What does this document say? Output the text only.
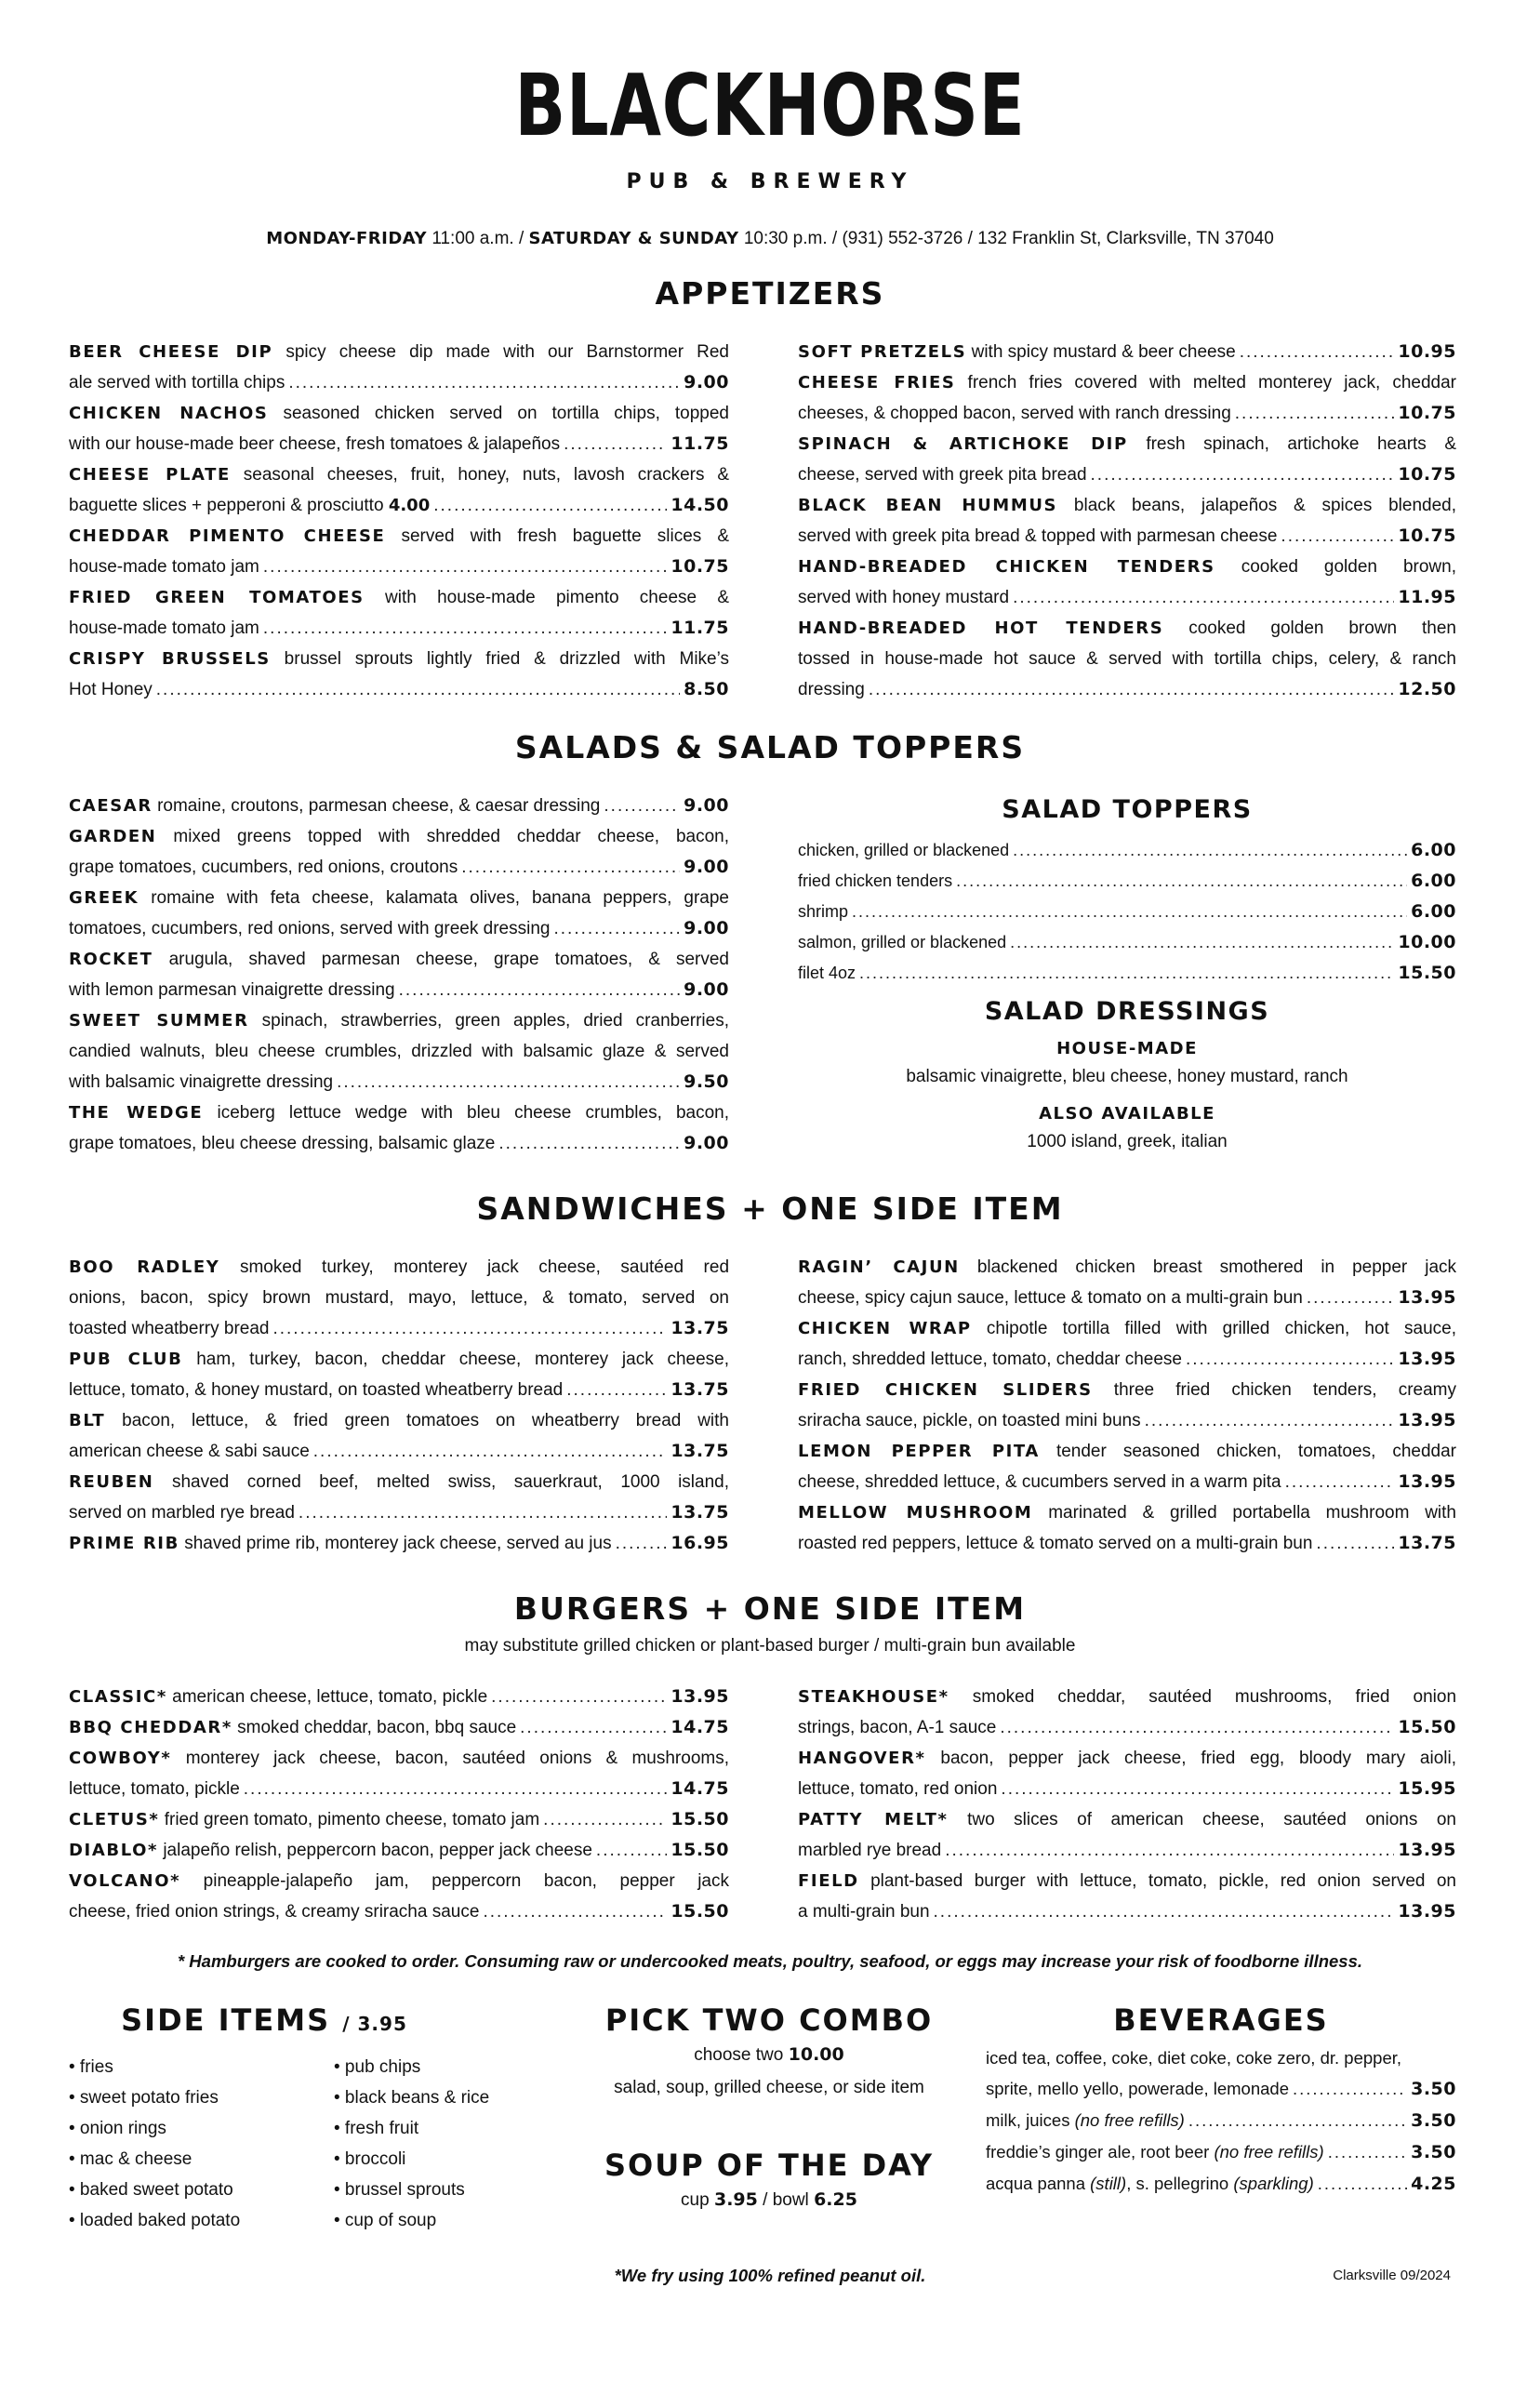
BLACKHORSE
PUB & BREWERY
MONDAY-FRIDAY 11:00 a.m. / SATURDAY & SUNDAY 10:30 p.m. / (931) 552-3726 / 132 Franklin St, Clarksville, TN 37040
APPETIZERS
BEER CHEESE DIP spicy cheese dip made with our Barnstormer Red
ale served with tortilla chips .....	9.00
CHICKEN NACHOS seasoned chicken served on tortilla chips, topped
with our house-made beer cheese, fresh tomatoes & jalapeños .....	11.75
CHEESE PLATE seasonal cheeses, fruit, honey, nuts, lavosh crackers &
baguette slices + pepperoni & prosciutto 4.00 .....	14.50
CHEDDAR PIMENTO CHEESE served with fresh baguette slices &
house-made tomato jam .....	10.75
FRIED GREEN TOMATOES with house-made pimento cheese &
house-made tomato jam .....	11.75
CRISPY BRUSSELS brussel sprouts lightly fried & drizzled with Mike’s
Hot Honey .....	8.50
SOFT PRETZELS with spicy mustard & beer cheese .....	10.95
CHEESE FRIES french fries covered with melted monterey jack, cheddar
cheeses, & chopped bacon, served with ranch dressing .....	10.75
SPINACH & ARTICHOKE DIP fresh spinach, artichoke hearts &
cheese, served with greek pita bread .....	10.75
BLACK BEAN HUMMUS black beans, jalapeños & spices blended,
served with greek pita bread & topped with parmesan cheese .....	10.75
HAND-BREADED CHICKEN TENDERS cooked golden brown,
served with honey mustard .....	11.95
HAND-BREADED HOT TENDERS cooked golden brown then
tossed in house-made hot sauce & served with tortilla chips, celery, & ranch
dressing .....	12.50
SALADS & SALAD TOPPERS
CAESAR romaine, croutons, parmesan cheese, & caesar dressing .....	9.00
GARDEN mixed greens topped with shredded cheddar cheese, bacon,
grape tomatoes, cucumbers, red onions, croutons .....	9.00
GREEK romaine with feta cheese, kalamata olives, banana peppers, grape
tomatoes, cucumbers, red onions, served with greek dressing .....	9.00
ROCKET arugula, shaved parmesan cheese, grape tomatoes, & served
with lemon parmesan vinaigrette dressing .....	9.00
SWEET SUMMER spinach, strawberries, green apples, dried cranberries,
candied walnuts, bleu cheese crumbles, drizzled with balsamic glaze & served
with balsamic vinaigrette dressing .....	9.50
THE WEDGE iceberg lettuce wedge with bleu cheese crumbles, bacon,
grape tomatoes, bleu cheese dressing, balsamic glaze .....	9.00
SALAD TOPPERS
chicken, grilled or blackened .....	6.00
fried chicken tenders .....	6.00
shrimp .....	6.00
salmon, grilled or blackened .....	10.00
filet 4oz .....	15.50
SALAD DRESSINGS
HOUSE-MADE
balsamic vinaigrette, bleu cheese, honey mustard, ranch
ALSO AVAILABLE
1000 island, greek, italian
SANDWICHES + ONE SIDE ITEM
BOO RADLEY smoked turkey, monterey jack cheese, sautéed red
onions, bacon, spicy brown mustard, mayo, lettuce, & tomato, served on
toasted wheatberry bread .....	13.75
PUB CLUB ham, turkey, bacon, cheddar cheese, monterey jack cheese,
lettuce, tomato, & honey mustard, on toasted wheatberry bread .....	13.75
BLT bacon, lettuce, & fried green tomatoes on wheatberry bread with
american cheese & sabi sauce .....	13.75
REUBEN shaved corned beef, melted swiss, sauerkraut, 1000 island,
served on marbled rye bread .....	13.75
PRIME RIB shaved prime rib, monterey jack cheese, served au jus .....	16.95
RAGIN’ CAJUN blackened chicken breast smothered in pepper jack
cheese, spicy cajun sauce, lettuce & tomato on a multi-grain bun .....	13.95
CHICKEN WRAP chipotle tortilla filled with grilled chicken, hot sauce,
ranch, shredded lettuce, tomato, cheddar cheese .....	13.95
FRIED CHICKEN SLIDERS three fried chicken tenders, creamy
sriracha sauce, pickle, on toasted mini buns .....	13.95
LEMON PEPPER PITA tender seasoned chicken, tomatoes, cheddar
cheese, shredded lettuce, & cucumbers served in a warm pita .....	13.95
MELLOW MUSHROOM marinated & grilled portabella mushroom with
roasted red peppers, lettuce & tomato served on a multi-grain bun .....	13.75
BURGERS + ONE SIDE ITEM
may substitute grilled chicken or plant-based burger / multi-grain bun available
CLASSIC* american cheese, lettuce, tomato, pickle .....	13.95
BBQ CHEDDAR* smoked cheddar, bacon, bbq sauce .....	14.75
COWBOY* monterey jack cheese, bacon, sautéed onions & mushrooms,
lettuce, tomato, pickle .....	14.75
CLETUS* fried green tomato, pimento cheese, tomato jam .....	15.50
DIABLO* jalapeño relish, peppercorn bacon, pepper jack cheese .....	15.50
VOLCANO* pineapple-jalapeño jam, peppercorn bacon, pepper jack
cheese, fried onion strings, & creamy sriracha sauce .....	15.50
STEAKHOUSE* smoked cheddar, sautéed mushrooms, fried onion
strings, bacon, A-1 sauce .....	15.50
HANGOVER* bacon, pepper jack cheese, fried egg, bloody mary aioli,
lettuce, tomato, red onion .....	15.95
PATTY MELT* two slices of american cheese, sautéed onions on
marbled rye bread .....	13.95
FIELD plant-based burger with lettuce, tomato, pickle, red onion served on
a multi-grain bun .....	13.95
* Hamburgers are cooked to order. Consuming raw or undercooked meats, poultry, seafood, or eggs may increase your risk of foodborne illness.
SIDE ITEMS / 3.95
• fries
• sweet potato fries
• onion rings
• mac & cheese
• baked sweet potato
• loaded baked potato
• pub chips
• black beans & rice
• fresh fruit
• broccoli
• brussel sprouts
• cup of soup
PICK TWO COMBO
choose two 10.00
salad, soup, grilled cheese, or side item
SOUP OF THE DAY
cup 3.95 / bowl 6.25
BEVERAGES
iced tea, coffee, coke, diet coke, coke zero, dr. pepper,
sprite, mello yello, powerade, lemonade .....	3.50
milk, juices (no free refills) .....	3.50
freddie’s ginger ale, root beer (no free refills) .....	3.50
acqua panna (still), s. pellegrino (sparkling) .....	4.25
*We fry using 100% refined peanut oil.	Clarksville 09/2024
